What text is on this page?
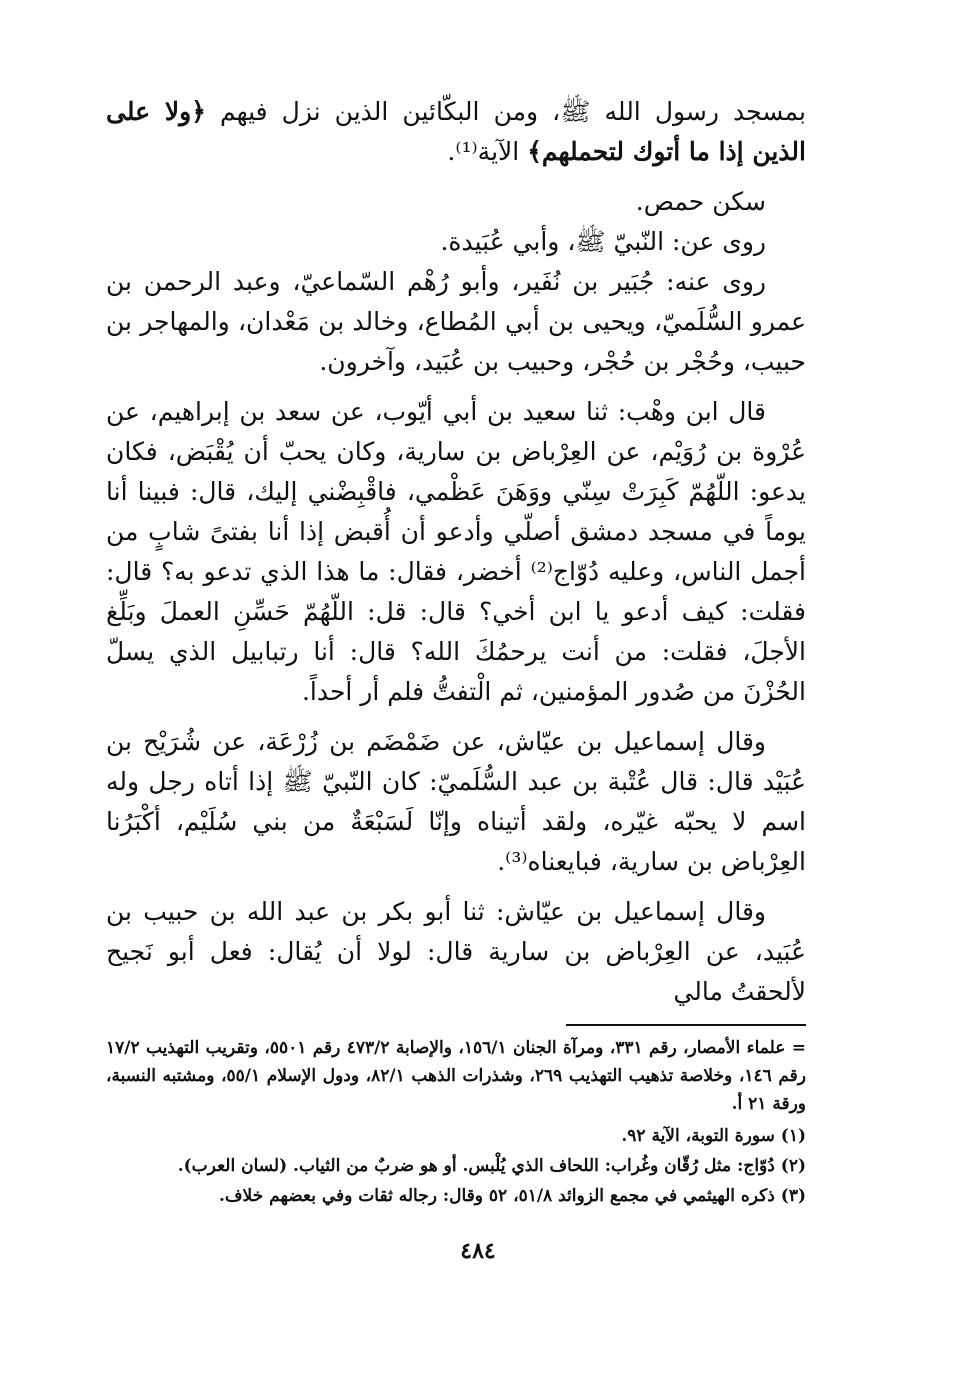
بمسجد رسول الله ﷺ، ومن البكّائين الذين نزل فيهم ﴿ولا على الذين إذا ما أتوك لتحملهم﴾ الآية⁽¹⁾.

سكن حمص.

روى عن: النّبيّ ﷺ، وأبي عُبَيدة.

روى عنه: جُبَير بن نُفَير، وأبو رُهْم السّماعيّ، وعبد الرحمن بن عمرو السُّلَميّ، ويحيى بن أبي المُطاع، وخالد بن مَعْدان، والمهاجر بن حبيب، وحُجْر بن حُجْر، وحبيب بن عُبَيد، وآخرون.

قال ابن وهْب: ثنا سعيد بن أبي أيّوب، عن سعد بن إبراهيم، عن عُرْوة بن رُوَيْم، عن العِرْباض بن سارية، وكان يحبّ أن يُقْبَض، فكان يدعو: اللّهُمّ كَبِرَتْ سِنّي ووَهَنَ عَظْمي، فاقْبِضْني إليك، قال: فبينا أنا يوماً في مسجد دمشق أصلّي وأدعو أن أُقبض إذا أنا بفتىً شابٍ من أجمل الناس، وعليه دُوّاج⁽²⁾ أخضر، فقال: ما هذا الذي تدعو به؟ قال: فقلت: كيف أدعو يا ابن أخي؟ قال: قل: اللّهُمّ حَسِّنِ العملَ وبَلِّغ الأجلَ، فقلت: من أنت يرحمُكَ الله؟ قال: أنا رتبابيل الذي يسلّ الحُزْنَ من صُدور المؤمنين، ثم الْتفتُّ فلم أر أحداً.

وقال إسماعيل بن عيّاش، عن ضَمْضَم بن زُرْعَة، عن شُرَيْح بن عُبَيْد قال: قال عُتْبة بن عبد السُّلَميّ: كان النّبيّ ﷺ إذا أتاه رجل وله اسم لا يحبّه غيّره، ولقد أتيناه وإنّا لَسَبْعَةٌ من بني سُلَيْم، أكْبَرُنا العِرْباض بن سارية، فبايعناه⁽³⁾.

وقال إسماعيل بن عيّاش: ثنا أبو بكر بن عبد الله بن حبيب بن عُبَيد، عن العِرْباض بن سارية قال: لولا أن يُقال: فعل أبو نَجيح لألحقتُ مالي

= علماء الأمصار، رقم ٣٣١، ومرآة الجنان ١٥٦/١، والإصابة ٤٧٣/٢ رقم ٥٥٠١، وتقريب التهذيب ١٧/٢ رقم ١٤٦، وخلاصة تذهيب التهذيب ٢٦٩، وشذرات الذهب ٨٢/١، ودول الإسلام ٥٥/١، ومشتبه النسبة، ورقة ٢١ أ.

(١) سورة التوبة، الآية ٩٢.

(٢) دُوّاج: مثل رُقّان وغُراب: اللحاف الذي يُلْبس. أو هو ضربٌ من الثياب. (لسان العرب).

(٣) ذكره الهيثمي في مجمع الزوائد ٥١/٨، ٥٢ وقال: رجاله ثقات وفي بعضهم خلاف.

٤٨٤
